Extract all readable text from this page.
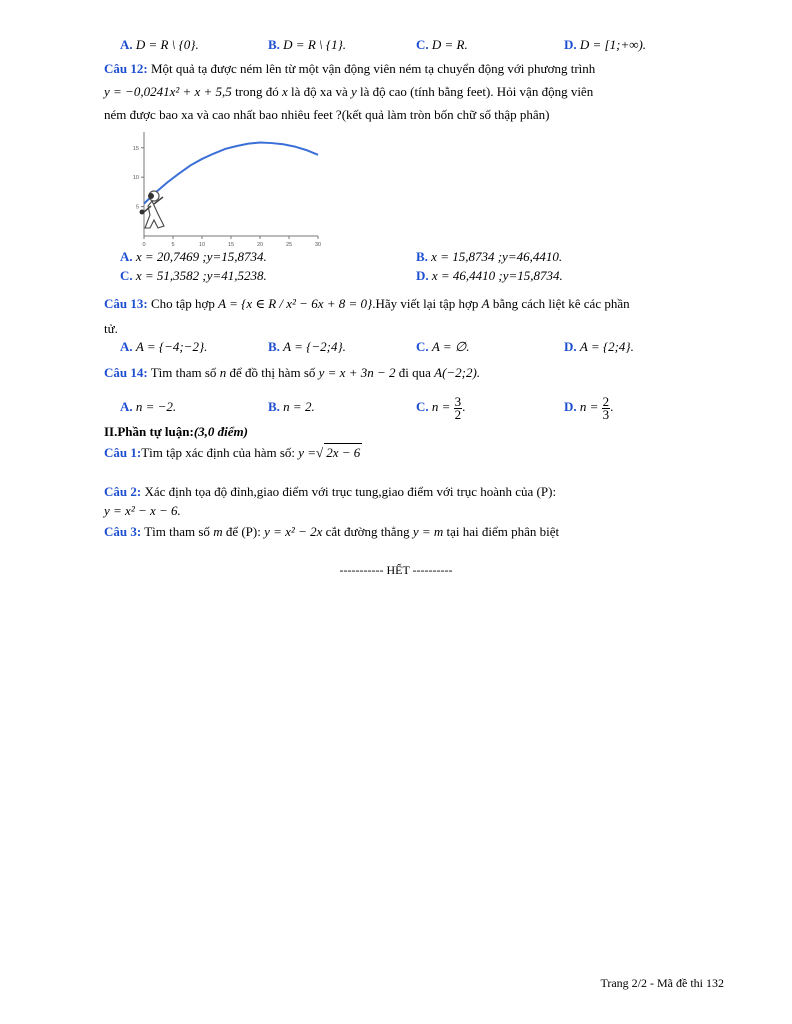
A. D = R \ {0}.	B. D = R \ {1}.	C. D = R.	D. D = [1;+∞).
Câu 12: Một quả tạ được ném lên từ một vận động viên ném tạ chuyển động với phương trình
y = −0,0241x² + x + 5,5 trong đó x là độ xa và y là độ cao (tính bằng feet). Hỏi vận động viên
ném được bao xa và cao nhất bao nhiêu feet ?(kết quả làm tròn bốn chữ số thập phân)
0	5	10	15	20	25	30
5
10
15
A. x = 20,7469 ;y=15,8734.	B. x = 15,8734 ;y=46,4410.
C. x = 51,3582 ;y=41,5238.	D. x = 46,4410 ;y=15,8734.
Câu 13: Cho tập hợp A = {x ∈ R / x² − 6x + 8 = 0}.Hãy viết lại tập hợp A bằng cách liệt kê các phần
tử.
A. A = {−4;−2}.	B. A = {−2;4}.	C. A = ∅.	D. A = {2;4}.
Câu 14: Tìm tham số n để đồ thị hàm số y = x + 3n − 2 đi qua A(−2;2).
A. n = −2.	B. n = 2.	C. $n = \frac{3}{2}$ .	D. $n = \frac{2}{3}$ .
II.Phần tự luận:(3,0 điểm)
Câu 1:Tìm tập xác định của hàm số: y =√ 2x − 6
Câu 2: Xác định tọa độ đỉnh,giao điểm với trục tung,giao điểm với trục hoành của (P):
y = x² − x − 6.
Câu 3: Tìm tham số m để (P): y = x² − 2x cắt đường thẳng y = m tại hai điểm phân biệt
----------- HẾT ----------
Trang 2/2 - Mã đề thi 132
